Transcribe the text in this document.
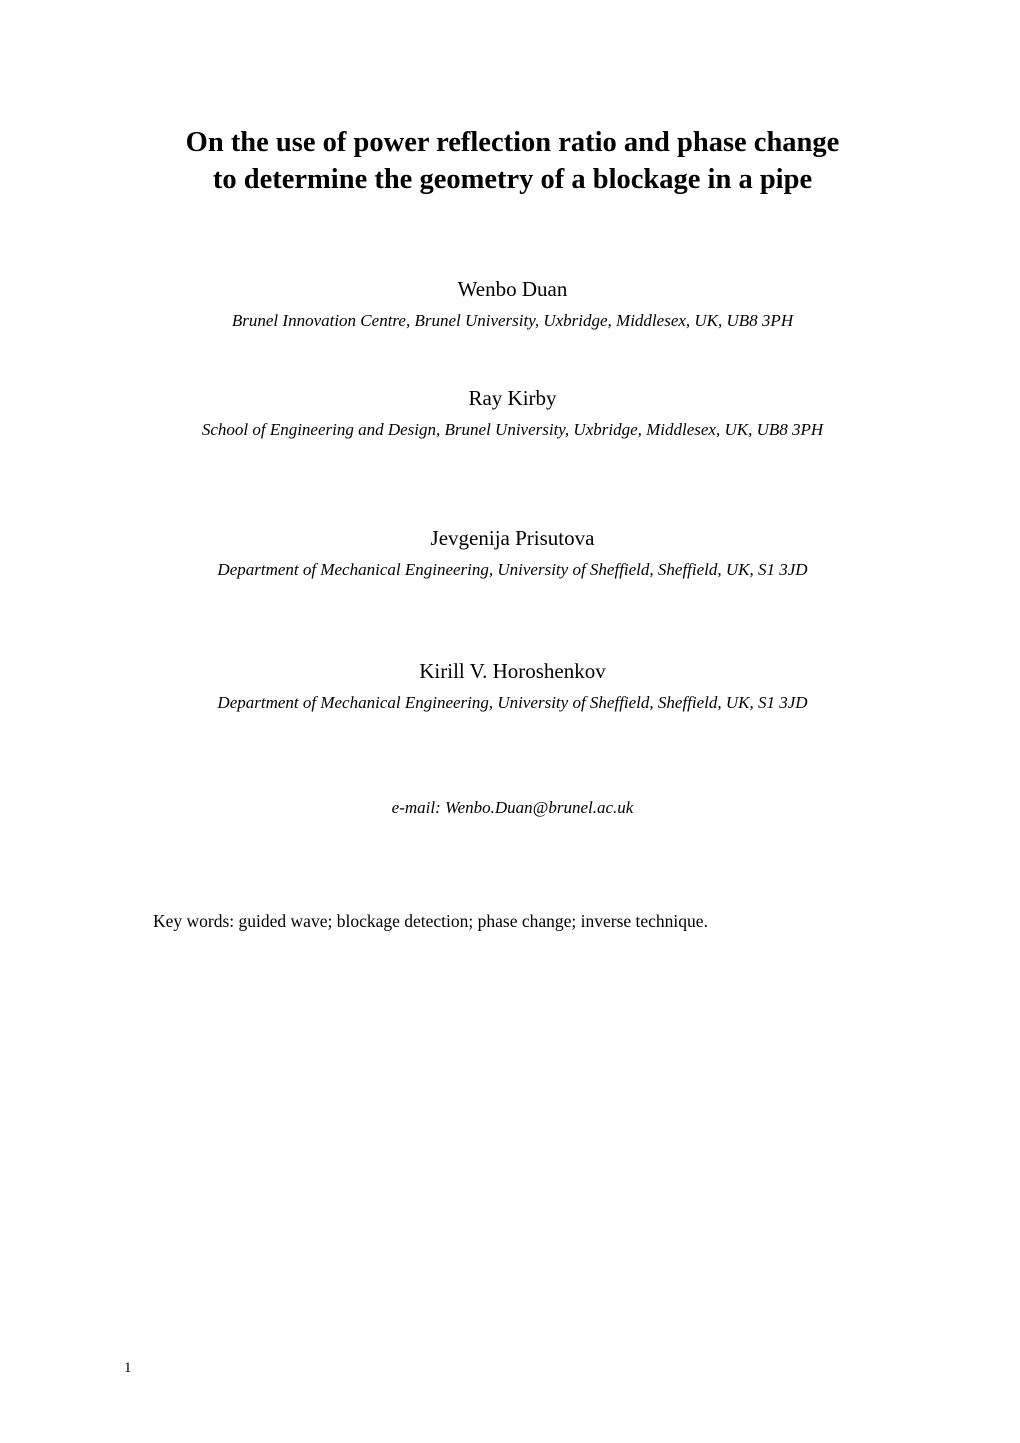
On the use of power reflection ratio and phase change
to determine the geometry of a blockage in a pipe

Wenbo Duan

Brunel Innovation Centre, Brunel University, Uxbridge, Middlesex, UK, UB8 3PH

Ray Kirby

School of Engineering and Design, Brunel University, Uxbridge, Middlesex, UK, UB8 3PH

Jevgenija Prisutova

Department of Mechanical Engineering, University of Sheffield, Sheffield, UK, S1 3JD

Kirill V. Horoshenkov

Department of Mechanical Engineering, University of Sheffield, Sheffield, UK, S1 3JD

e-mail: Wenbo.Duan@brunel.ac.uk
Key words: guided wave; blockage detection; phase change; inverse technique.
1
